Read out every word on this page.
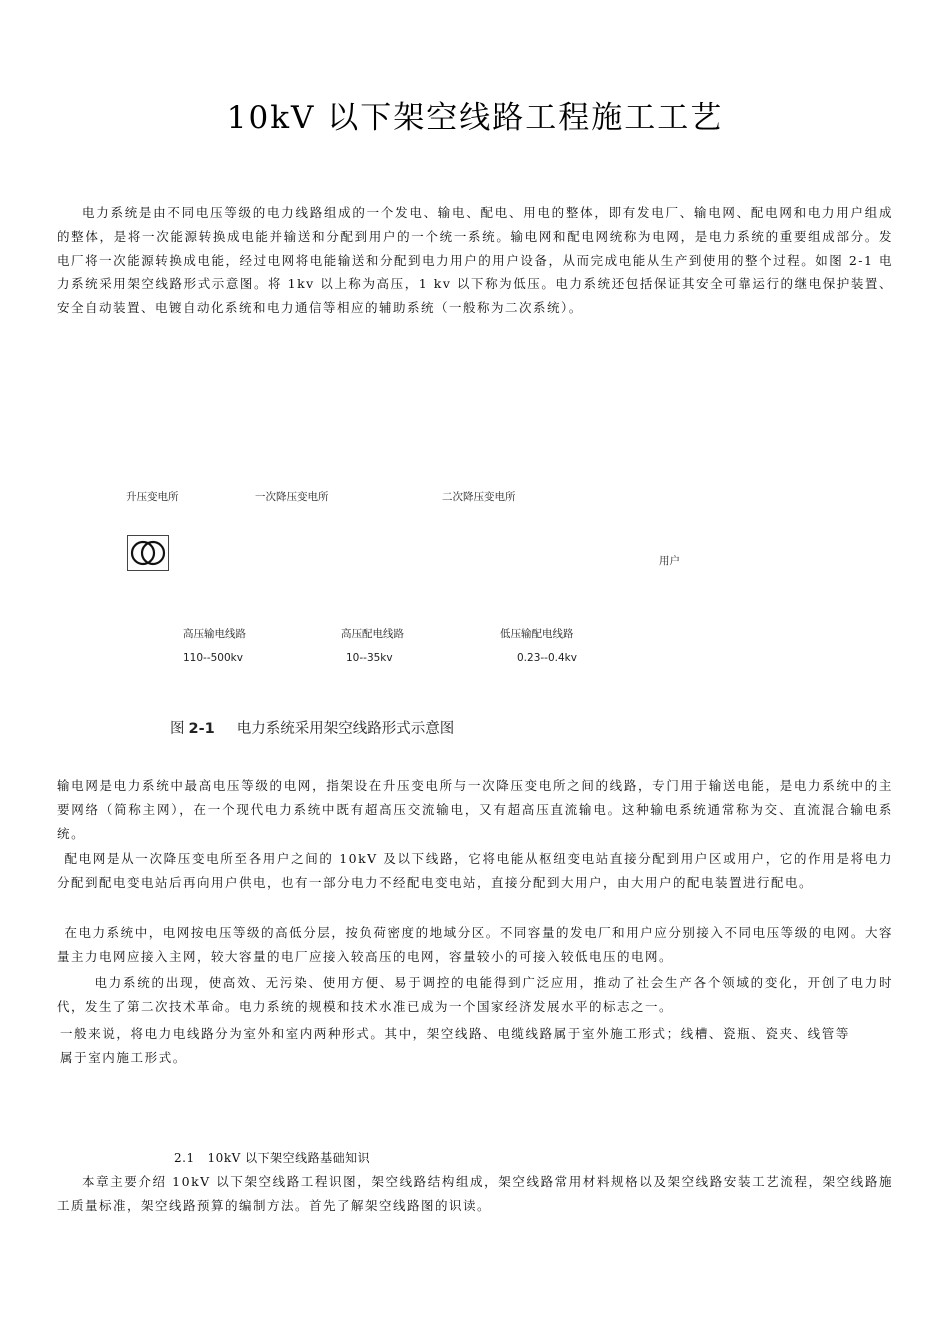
10kV 以下架空线路工程施工工艺

电力系统是由不同电压等级的电力线路组成的一个发电、输电、配电、用电的整体，即有发电厂、输电网、配电网和电力用户组成的整体，是将一次能源转换成电能并输送和分配到用户的一个统一系统。输电网和配电网统称为电网，是电力系统的重要组成部分。发电厂将一次能源转换成电能，经过电网将电能输送和分配到电力用户的用户设备，从而完成电能从生产到使用的整个过程。如图 2-1 电力系统采用架空线路形式示意图。将 1kv 以上称为高压，1 kv 以下称为低压。电力系统还包括保证其安全可靠运行的继电保护装置、安全自动装置、电镀自动化系统和电力通信等相应的辅助系统（一般称为二次系统）。

升压变电所	一次降压变电所	二次降压变电所
用户
高压输电线路	高压配电线路	低压输配电线路
110--500kv	10--35kv	0.23--0.4kv
图 2-1 电力系统采用架空线路形式示意图

输电网是电力系统中最高电压等级的电网，指架设在升压变电所与一次降压变电所之间的线路，专门用于输送电能，是电力系统中的主要网络（简称主网），在一个现代电力系统中既有超高压交流输电，又有超高压直流输电。这种输电系统通常称为交、直流混合输电系统。

配电网是从一次降压变电所至各用户之间的 10kV 及以下线路，它将电能从枢纽变电站直接分配到用户区或用户，它的作用是将电力分配到配电变电站后再向用户供电，也有一部分电力不经配电变电站，直接分配到大用户，由大用户的配电装置进行配电。

在电力系统中，电网按电压等级的高低分层，按负荷密度的地域分区。不同容量的发电厂和用户应分别接入不同电压等级的电网。大容量主力电网应接入主网，较大容量的电厂应接入较高压的电网，容量较小的可接入较低电压的电网。

电力系统的出现，使高效、无污染、使用方便、易于调控的电能得到广泛应用，推动了社会生产各个领域的变化，开创了电力时代，发生了第二次技术革命。电力系统的规模和技术水准已成为一个国家经济发展水平的标志之一。

一般来说，将电力电线路分为室外和室内两种形式。其中，架空线路、电缆线路属于室外施工形式；线槽、瓷瓶、瓷夹、线管等属于室内施工形式。

2.1 10kV 以下架空线路基础知识

本章主要介绍 10kV 以下架空线路工程识图，架空线路结构组成，架空线路常用材料规格以及架空线路安装工艺流程，架空线路施工质量标准，架空线路预算的编制方法。首先了解架空线路图的识读。
